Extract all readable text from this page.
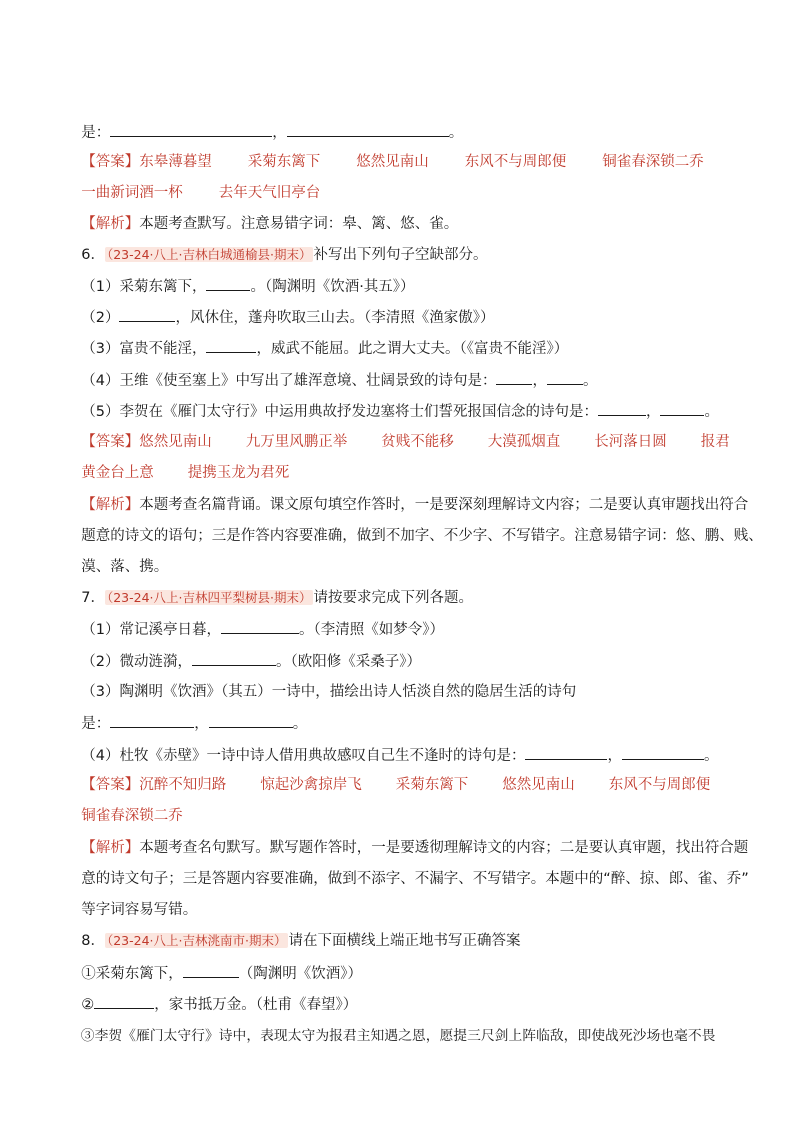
是：	，	。

【答案】东皋薄暮望 采菊东篱下 悠然见南山 东风不与周郎便 铜雀春深锁二乔

一曲新词酒一杯 去年天气旧亭台

【解析】本题考查默写。注意易错字词：皋、篱、悠、雀。

6． （23-24·八上·吉林白城通榆县·期末） 补写出下列句子空缺部分。

（1）采菊东篱下，	。（陶渊明《饮酒·其五》）

（2）	，风休住，蓬舟吹取三山去。（李清照《渔家傲》）

（3）富贵不能淫，	，威武不能屈。此之谓大丈夫。（《富贵不能淫》）

（4）王维《使至塞上》中写出了雄浑意境、壮阔景致的诗句是： ， 。

（5）李贺在《雁门太守行》中运用典故抒发边塞将士们誓死报国信念的诗句是：	，	。

【答案】悠然见南山 九万里风鹏正举 贫贱不能移 大漠孤烟直 长河落日圆 报君

黄金台上意 提携玉龙为君死

【解析】本题考查名篇背诵。课文原句填空作答时，一是要深刻理解诗文内容；二是要认真审题找出符合

题意的诗文的语句；三是作答内容要准确，做到不加字、不少字、不写错字。注意易错字词：悠、鹏、贱、

漠、落、携。

7． （23-24·八上·吉林四平梨树县·期末） 请按要求完成下列各题。

（1）常记溪亭日暮，	。（李清照《如梦令》）

（2）微动涟漪，	。（欧阳修《采桑子》）

（3）陶渊明《饮酒》（其五）一诗中，描绘出诗人恬淡自然的隐居生活的诗句

是：	，	。

（4）杜牧《赤壁》一诗中诗人借用典故感叹自己生不逢时的诗句是：	，	。

【答案】沉醉不知归路 惊起沙禽掠岸飞 采菊东篱下 悠然见南山 东风不与周郎便

铜雀春深锁二乔

【解析】本题考查名句默写。默写题作答时，一是要透彻理解诗文的内容；二是要认真审题，找出符合题

意的诗文句子；三是答题内容要准确，做到不添字、不漏字、不写错字。本题中的“醉、掠、郎、雀、乔”

等字词容易写错。

8． （23-24·八上·吉林洮南市·期末） 请在下面横线上端正地书写正确答案

①采菊东篱下，	（陶渊明《饮酒》）

②	，家书抵万金。（杜甫《春望》）

③李贺《雁门太守行》诗中，表现太守为报君主知遇之恩，愿提三尺剑上阵临敌，即使战死沙场也毫不畏
